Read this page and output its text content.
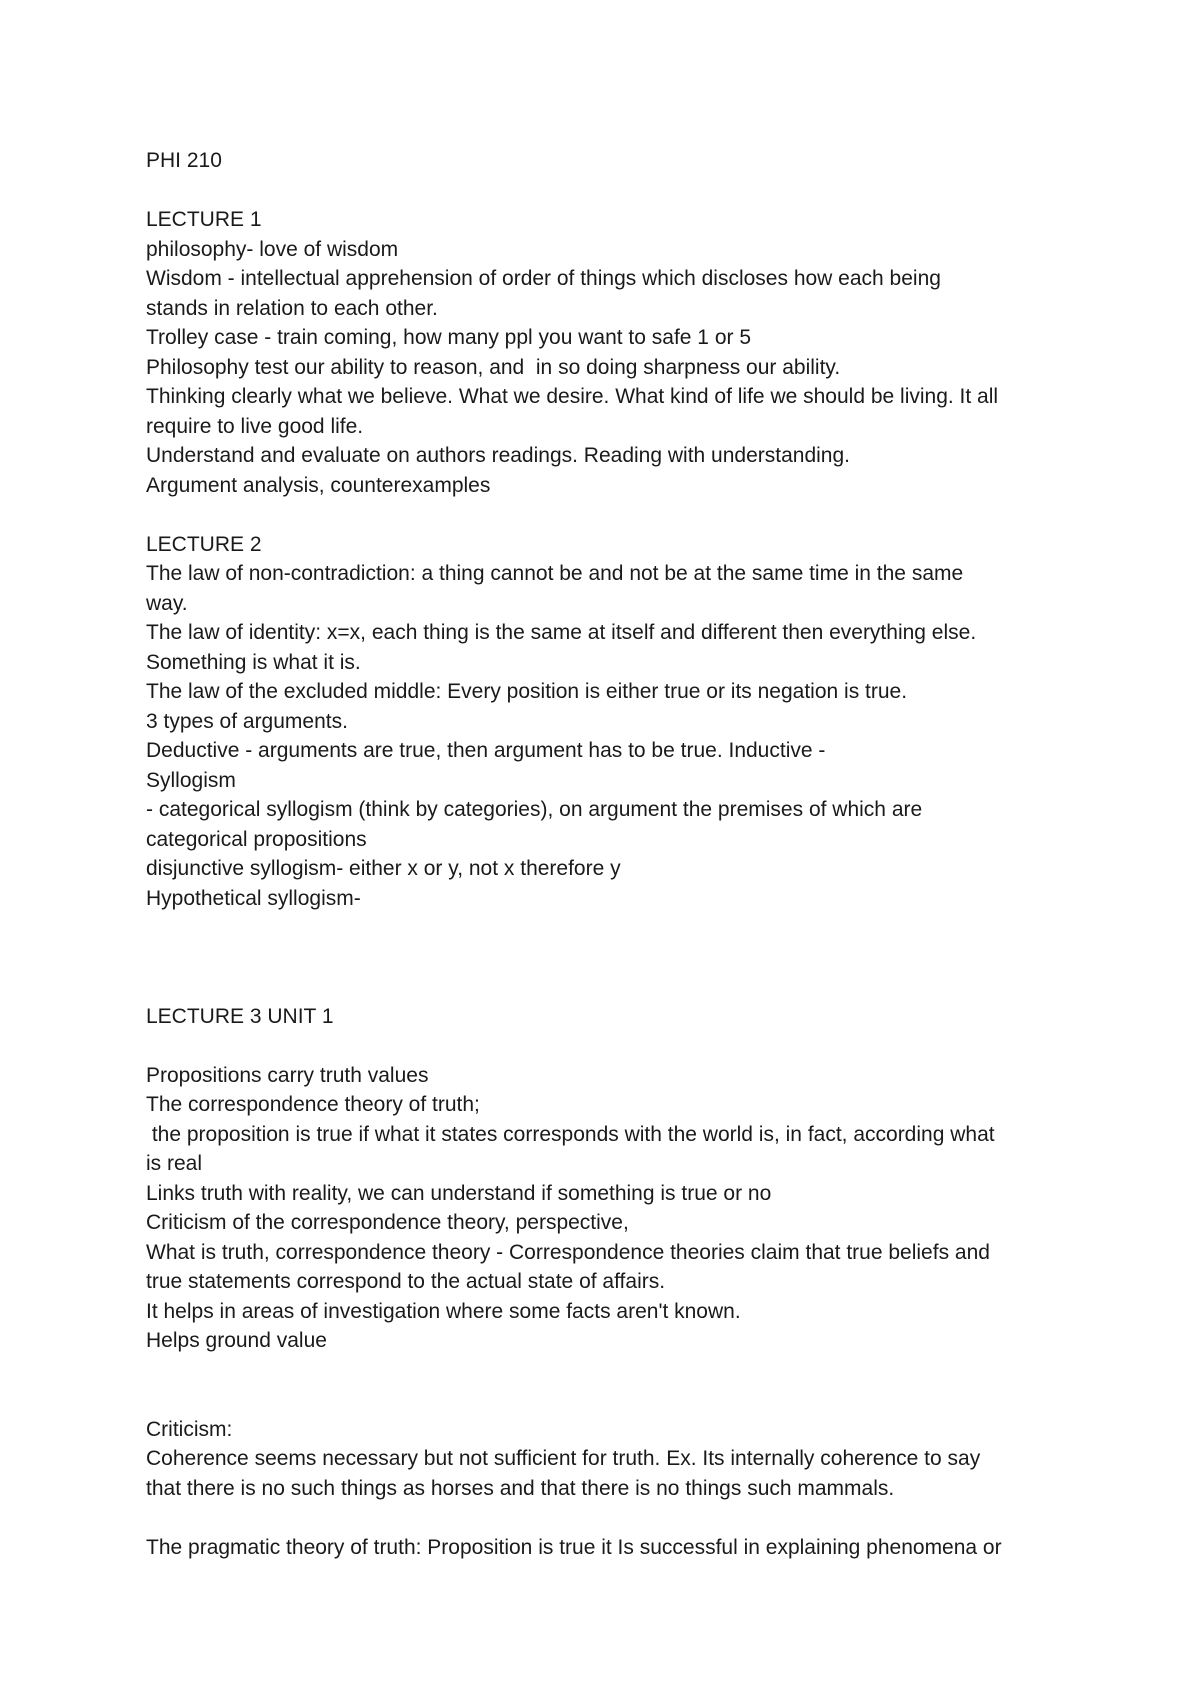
PHI 210

LECTURE 1

philosophy- love of wisdom

Wisdom - intellectual apprehension of order of things which discloses how each being

stands in relation to each other.

Trolley case - train coming, how many ppl you want to safe 1 or 5

Philosophy test our ability to reason, and  in so doing sharpness our ability.

Thinking clearly what we believe. What we desire. What kind of life we should be living. It all

require to live good life.

Understand and evaluate on authors readings. Reading with understanding.

Argument analysis, counterexamples

LECTURE 2

The law of non-contradiction: a thing cannot be and not be at the same time in the same

way.

The law of identity: x=x, each thing is the same at itself and different then everything else.

Something is what it is.

The law of the excluded middle: Every position is either true or its negation is true.

3 types of arguments.

Deductive - arguments are true, then argument has to be true. Inductive -

Syllogism

- categorical syllogism (think by categories), on argument the premises of which are

categorical propositions

disjunctive syllogism- either x or y, not x therefore y

Hypothetical syllogism-

LECTURE 3 UNIT 1

Propositions carry truth values

The correspondence theory of truth;

the proposition is true if what it states corresponds with the world is, in fact, according what

is real

Links truth with reality, we can understand if something is true or no

Criticism of the correspondence theory, perspective,

What is truth, correspondence theory - Correspondence theories claim that true beliefs and

true statements correspond to the actual state of affairs.

It helps in areas of investigation where some facts aren't known.

Helps ground value

Criticism:

Coherence seems necessary but not sufficient for truth. Ex. Its internally coherence to say

that there is no such things as horses and that there is no things such mammals.

The pragmatic theory of truth: Proposition is true it Is successful in explaining phenomena or
